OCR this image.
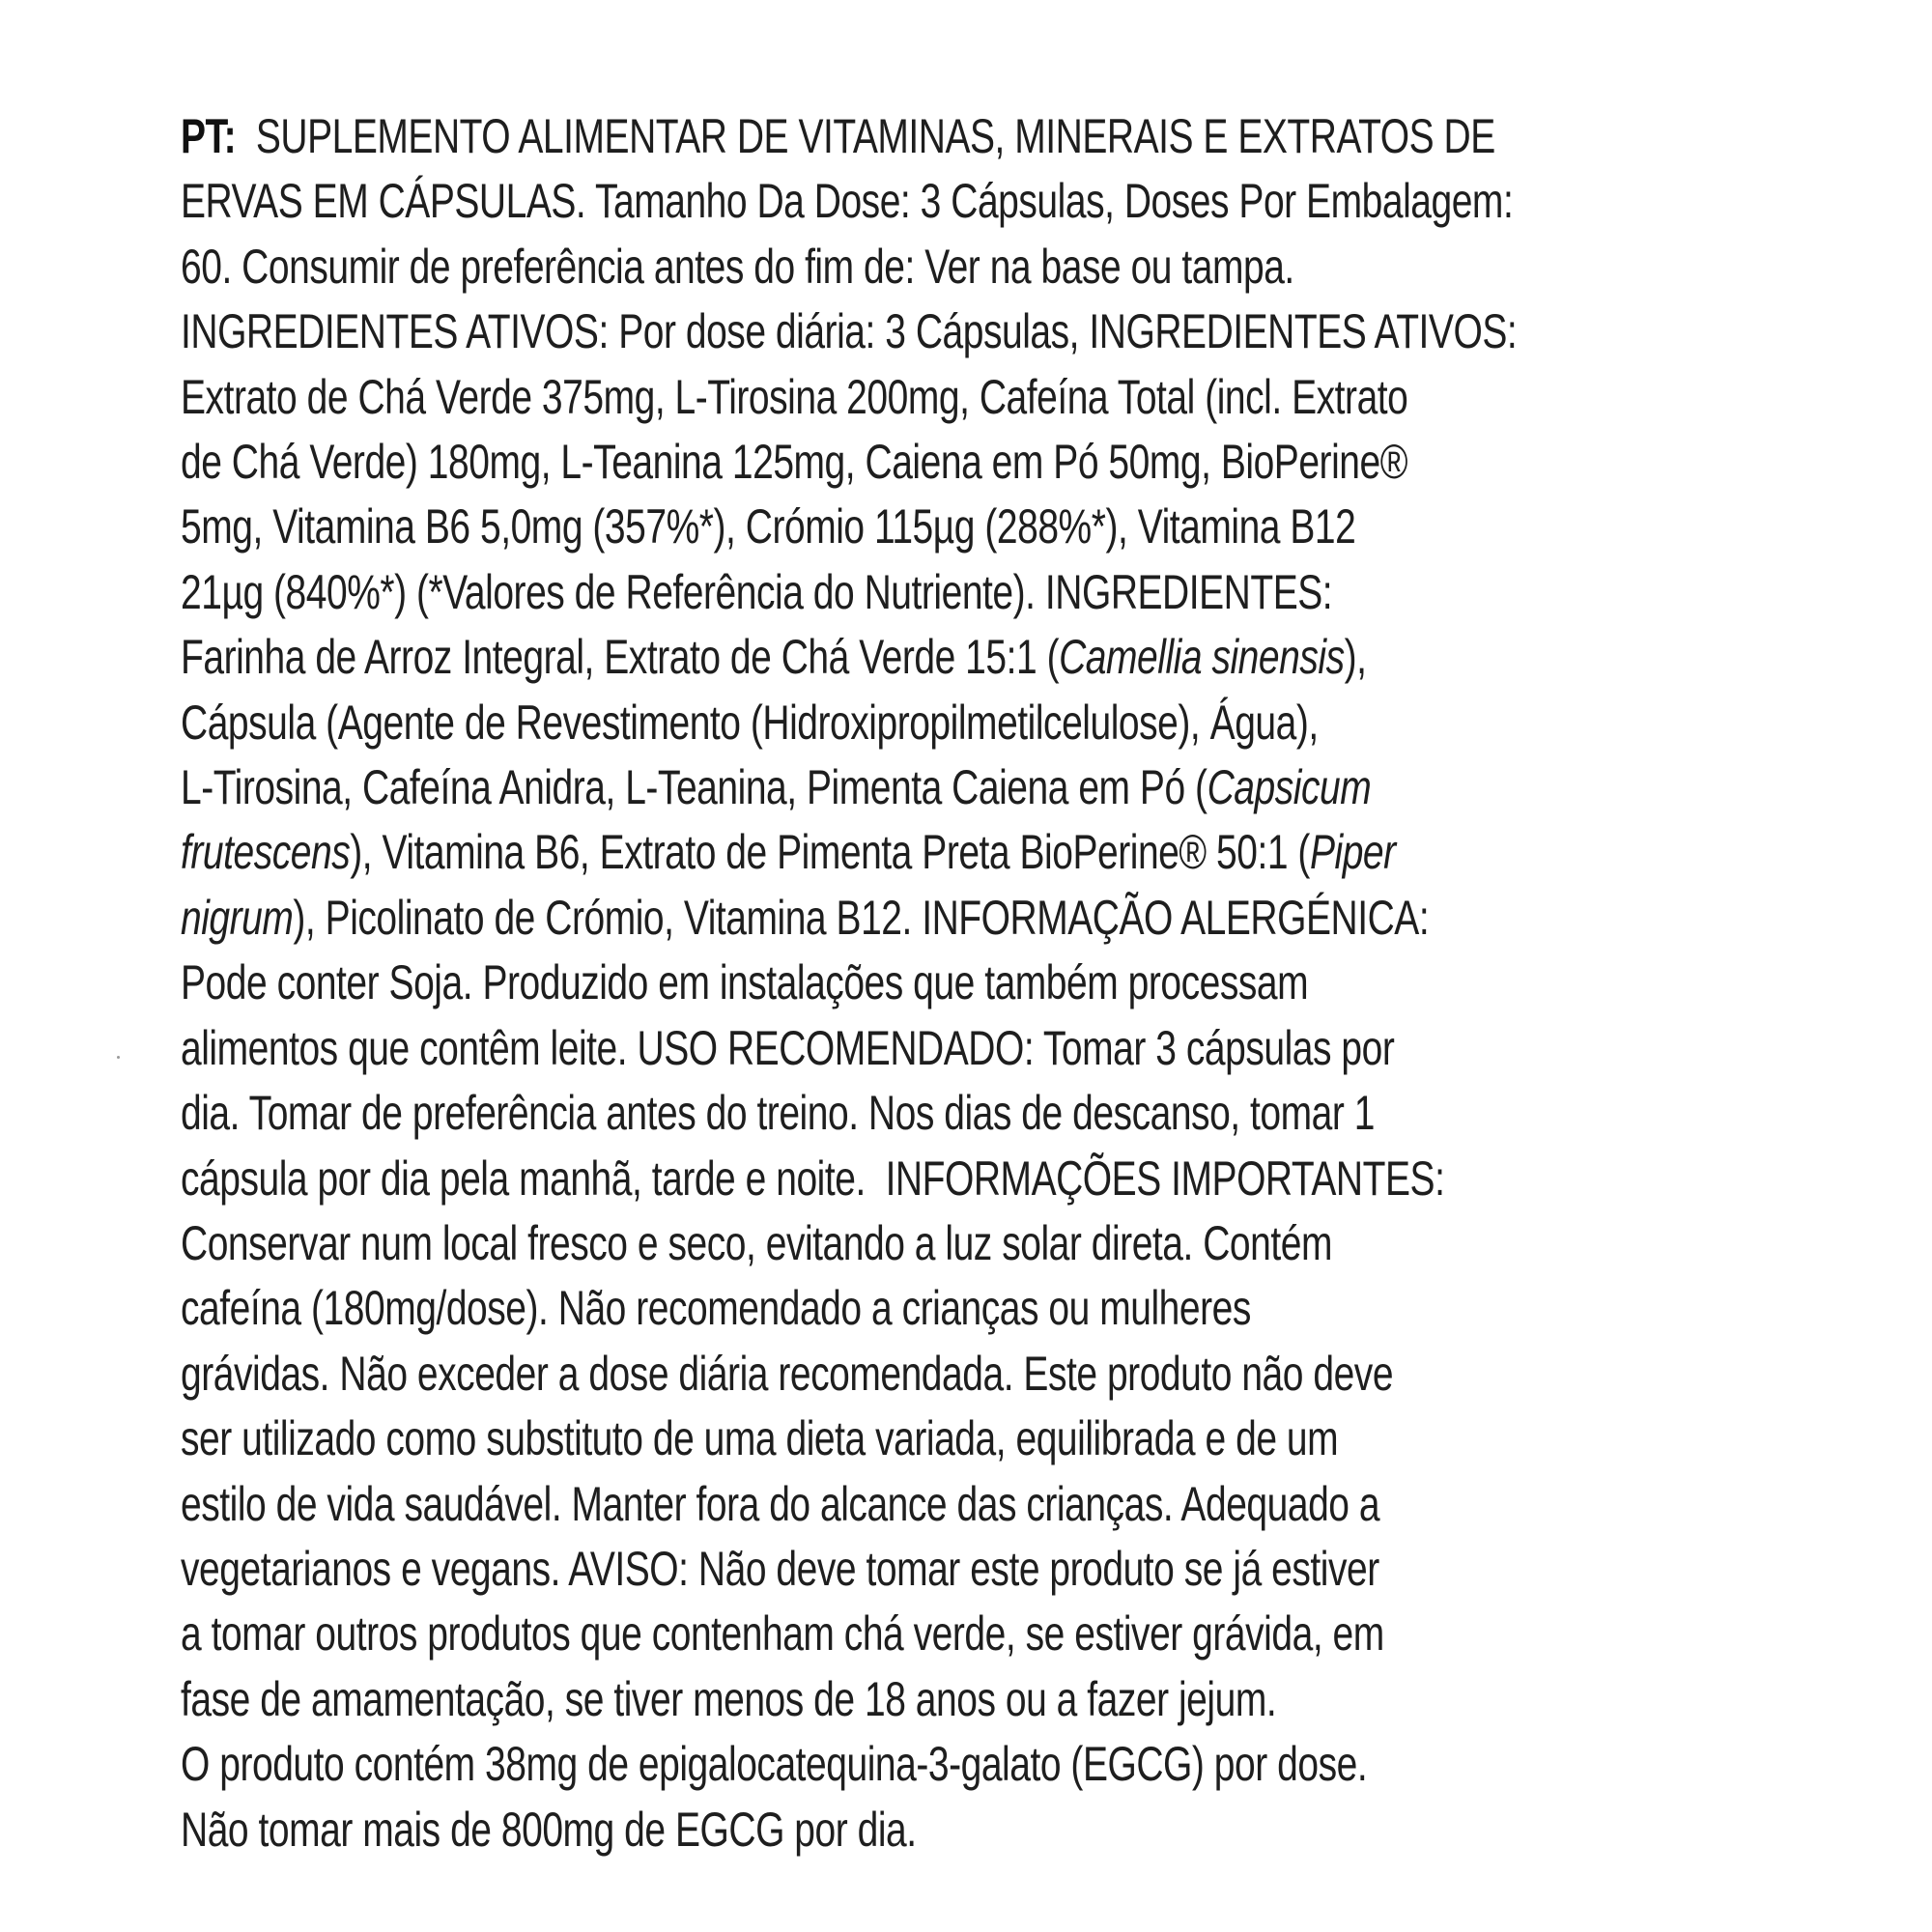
PT:  SUPLEMENTO ALIMENTAR DE VITAMINAS, MINERAIS E EXTRATOS DE
ERVAS EM CÁPSULAS. Tamanho Da Dose: 3 Cápsulas, Doses Por Embalagem:
60. Consumir de preferência antes do fim de: Ver na base ou tampa.
INGREDIENTES ATIVOS: Por dose diária: 3 Cápsulas, INGREDIENTES ATIVOS:
Extrato de Chá Verde 375mg, L-Tirosina 200mg, Cafeína Total (incl. Extrato
de Chá Verde) 180mg, L-Teanina 125mg, Caiena em Pó 50mg, BioPerine®
5mg, Vitamina B6 5,0mg (357%*), Crómio 115µg (288%*), Vitamina B12
21µg (840%*) (*Valores de Referência do Nutriente). INGREDIENTES:
Farinha de Arroz Integral, Extrato de Chá Verde 15:1 (Camellia sinensis),
Cápsula (Agente de Revestimento (Hidroxipropilmetilcelulose), Água),
L-Tirosina, Cafeína Anidra, L-Teanina, Pimenta Caiena em Pó (Capsicum
frutescens), Vitamina B6, Extrato de Pimenta Preta BioPerine® 50:1 (Piper
nigrum), Picolinato de Crómio, Vitamina B12. INFORMAÇÃO ALERGÉNICA:
Pode conter Soja. Produzido em instalações que também processam
alimentos que contêm leite. USO RECOMENDADO: Tomar 3 cápsulas por
dia. Tomar de preferência antes do treino. Nos dias de descanso, tomar 1
cápsula por dia pela manhã, tarde e noite.  INFORMAÇÕES IMPORTANTES:
Conservar num local fresco e seco, evitando a luz solar direta. Contém
cafeína (180mg/dose). Não recomendado a crianças ou mulheres
grávidas. Não exceder a dose diária recomendada. Este produto não deve
ser utilizado como substituto de uma dieta variada, equilibrada e de um
estilo de vida saudável. Manter fora do alcance das crianças. Adequado a
vegetarianos e vegans. AVISO: Não deve tomar este produto se já estiver
a tomar outros produtos que contenham chá verde, se estiver grávida, em
fase de amamentação, se tiver menos de 18 anos ou a fazer jejum.
O produto contém 38mg de epigalocatequina-3-galato (EGCG) por dose.
Não tomar mais de 800mg de EGCG por dia.
